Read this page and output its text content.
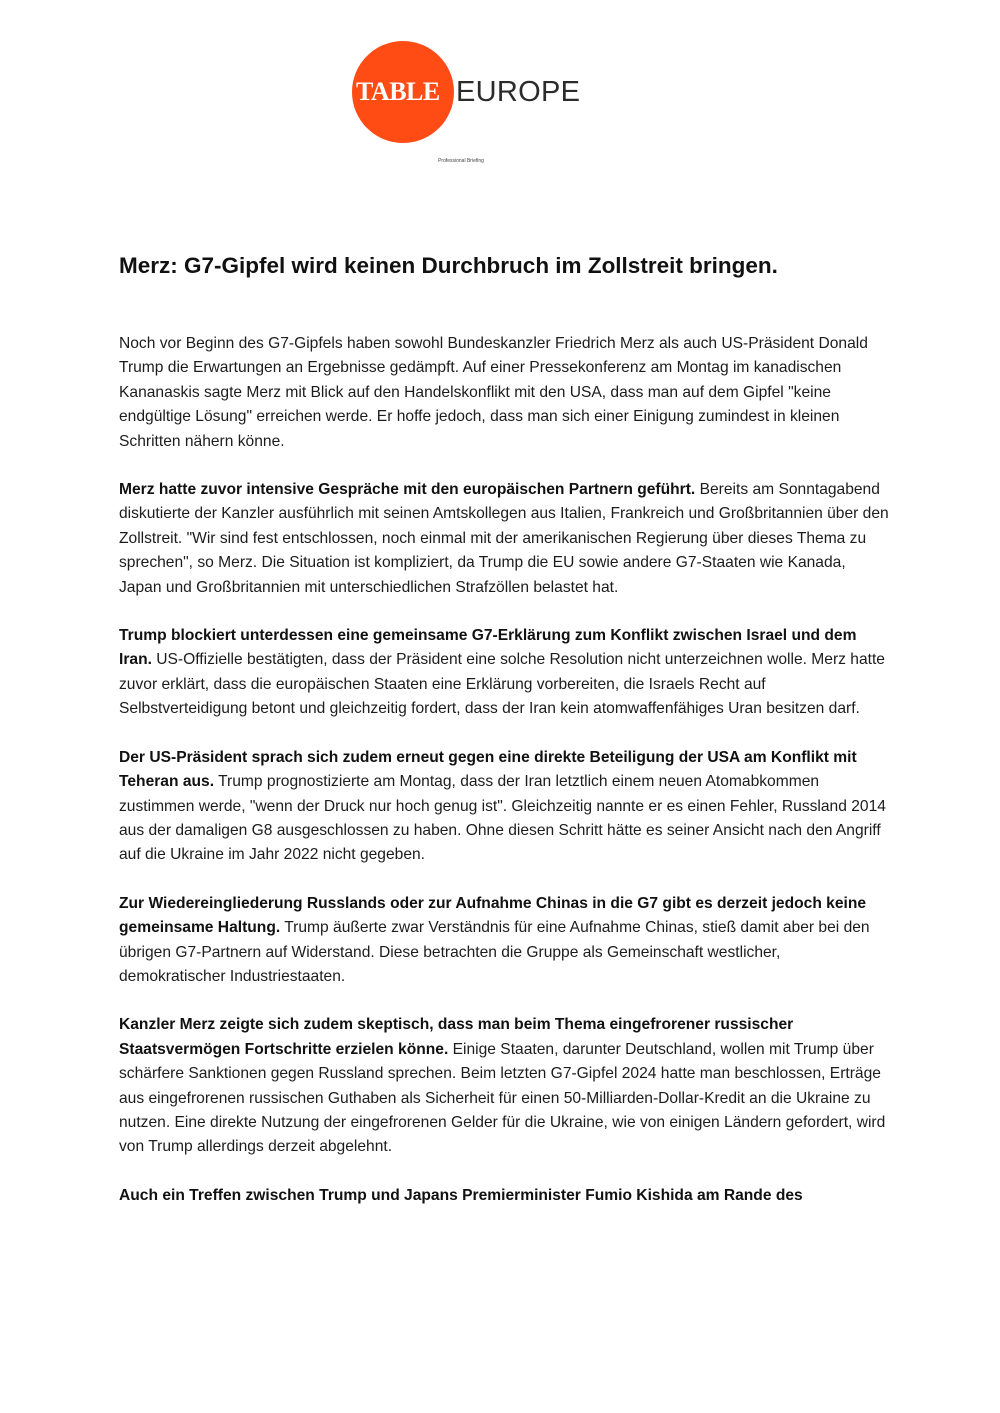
TABLE EUROPE
Professional Briefing
Merz: G7-Gipfel wird keinen Durchbruch im Zollstreit bringen.

Noch vor Beginn des G7-Gipfels haben sowohl Bundeskanzler Friedrich Merz als auch US-Präsident Donald Trump die Erwartungen an Ergebnisse gedämpft. Auf einer Pressekonferenz am Montag im kanadischen Kananaskis sagte Merz mit Blick auf den Handelskonflikt mit den USA, dass man auf dem Gipfel "keine endgültige Lösung" erreichen werde. Er hoffe jedoch, dass man sich einer Einigung zumindest in kleinen Schritten nähern könne.

Merz hatte zuvor intensive Gespräche mit den europäischen Partnern geführt. Bereits am Sonntagabend diskutierte der Kanzler ausführlich mit seinen Amtskollegen aus Italien, Frankreich und Großbritannien über den Zollstreit. "Wir sind fest entschlossen, noch einmal mit der amerikanischen Regierung über dieses Thema zu sprechen", so Merz. Die Situation ist kompliziert, da Trump die EU sowie andere G7-Staaten wie Kanada, Japan und Großbritannien mit unterschiedlichen Strafzöllen belastet hat.

Trump blockiert unterdessen eine gemeinsame G7-Erklärung zum Konflikt zwischen Israel und dem Iran. US-Offizielle bestätigten, dass der Präsident eine solche Resolution nicht unterzeichnen wolle. Merz hatte zuvor erklärt, dass die europäischen Staaten eine Erklärung vorbereiten, die Israels Recht auf Selbstverteidigung betont und gleichzeitig fordert, dass der Iran kein atomwaffenfähiges Uran besitzen darf.

Der US-Präsident sprach sich zudem erneut gegen eine direkte Beteiligung der USA am Konflikt mit Teheran aus. Trump prognostizierte am Montag, dass der Iran letztlich einem neuen Atomabkommen zustimmen werde, "wenn der Druck nur hoch genug ist". Gleichzeitig nannte er es einen Fehler, Russland 2014 aus der damaligen G8 ausgeschlossen zu haben. Ohne diesen Schritt hätte es seiner Ansicht nach den Angriff auf die Ukraine im Jahr 2022 nicht gegeben.

Zur Wiedereingliederung Russlands oder zur Aufnahme Chinas in die G7 gibt es derzeit jedoch keine gemeinsame Haltung. Trump äußerte zwar Verständnis für eine Aufnahme Chinas, stieß damit aber bei den übrigen G7-Partnern auf Widerstand. Diese betrachten die Gruppe als Gemeinschaft westlicher, demokratischer Industriestaaten.

Kanzler Merz zeigte sich zudem skeptisch, dass man beim Thema eingefrorener russischer Staatsvermögen Fortschritte erzielen könne. Einige Staaten, darunter Deutschland, wollen mit Trump über schärfere Sanktionen gegen Russland sprechen. Beim letzten G7-Gipfel 2024 hatte man beschlossen, Erträge aus eingefrorenen russischen Guthaben als Sicherheit für einen 50-Milliarden-Dollar-Kredit an die Ukraine zu nutzen. Eine direkte Nutzung der eingefrorenen Gelder für die Ukraine, wie von einigen Ländern gefordert, wird von Trump allerdings derzeit abgelehnt.

Auch ein Treffen zwischen Trump und Japans Premierminister Fumio Kishida am Rande des
